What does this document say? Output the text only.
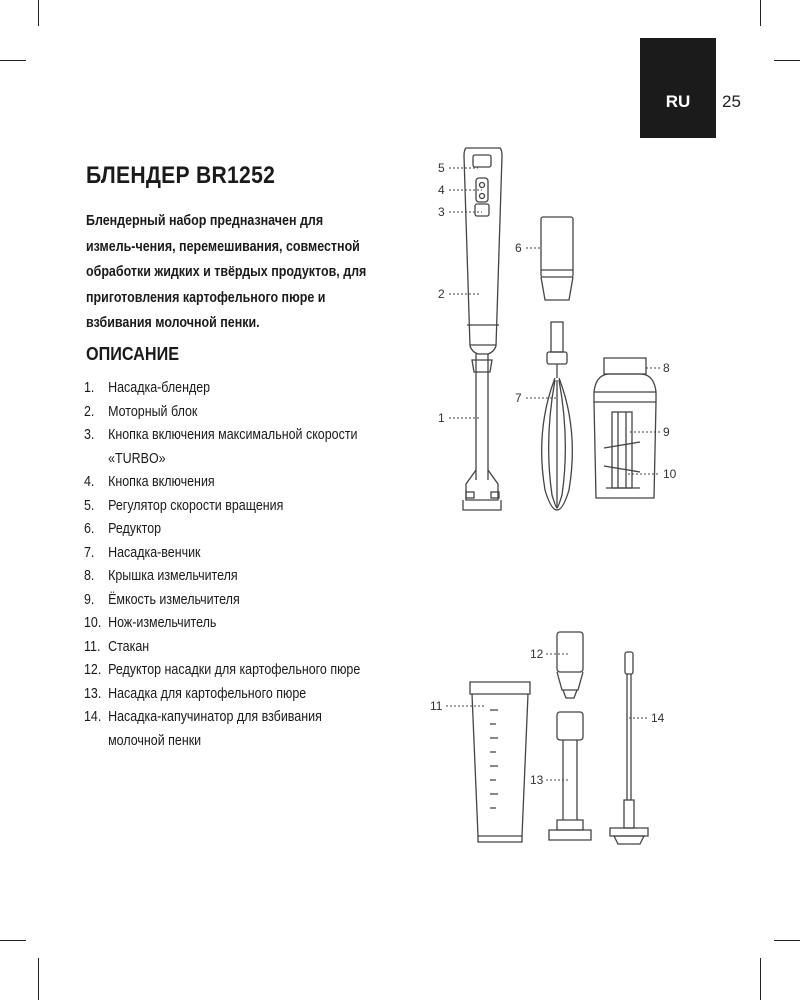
RU	25
БЛЕНДЕР BR1252

Блендерный набор предназначен для измель-чения, перемешивания, совместной обработки жидких и твёрдых продуктов, для приготовления картофельного пюре и взбивания молочной пенки.

ОПИСАНИЕ
1. Насадка-блендер
2. Моторный блок
3. Кнопка включения максимальной скорости «TURBO»
4. Кнопка включения
5. Регулятор скорости вращения
6. Редуктор
7. Насадка-венчик
8. Крышка измельчителя
9. Ёмкость измельчителя
10. Нож-измельчитель
11. Стакан
12. Редуктор насадки для картофельного пюре
13. Насадка для картофельного пюре
14. Насадка-капучинатор для взбивания молочной пенки
5
4
3
2
1
6
7
8
9
10
11
12
13
14
